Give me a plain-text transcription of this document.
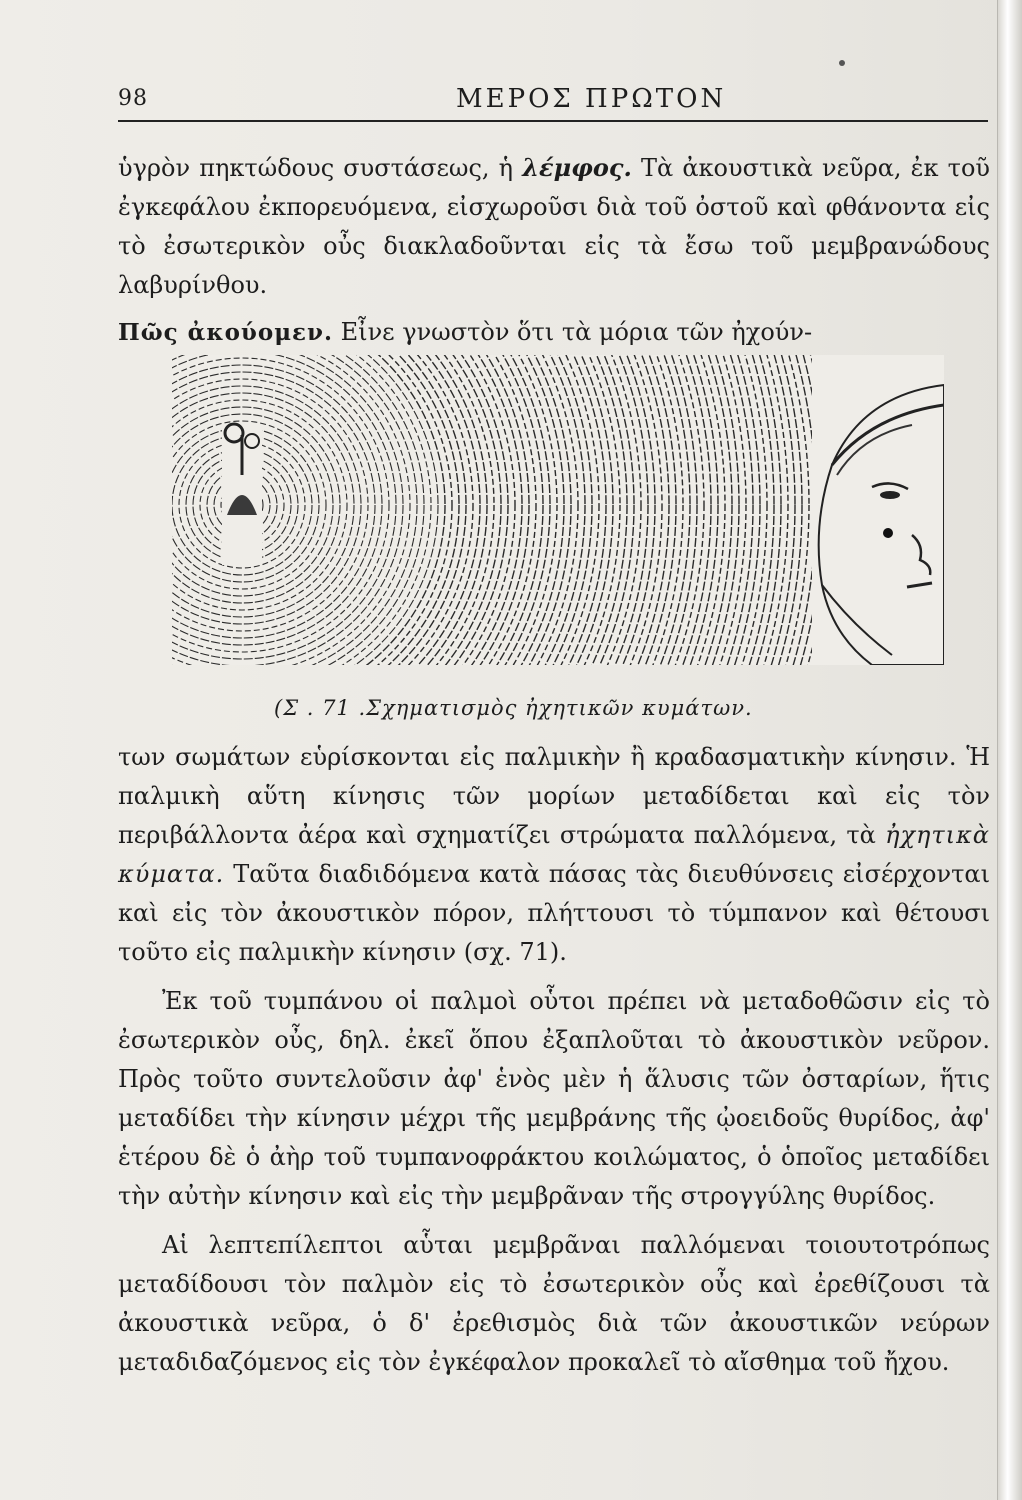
98	ΜΕΡΟΣ ΠΡΩΤΟΝ

ὑγρὸν πηκτώδους συστάσεως, ἡ λέμφος. Τὰ ἀκουστικὰ νεῦρα, ἐκ τοῦ ἐγκεφάλου ἐκπορευόμενα, εἰσχωροῦσι διὰ τοῦ ὀστοῦ καὶ φθάνοντα εἰς τὸ ἐσωτερικὸν οὖς διακλαδοῦνται εἰς τὰ ἔσω τοῦ μεμβρανώδους λαβυρίνθου.

Πῶς ἀκούομεν. Εἶνε γνωστὸν ὅτι τὰ μόρια τῶν ἠχούν-

(Σ . 71 .Σχηματισμὸς ἠχητικῶν κυμάτων.

των σωμάτων εὑρίσκονται εἰς παλμικὴν ἢ κραδασματικὴν κίνησιν. Ἡ παλμικὴ αὕτη κίνησις τῶν μορίων μεταδίδεται καὶ εἰς τὸν περιβάλλοντα ἀέρα καὶ σχηματίζει στρώματα παλλόμενα, τὰ ἠχητικὰ κύματα. Ταῦτα διαδιδόμενα κατὰ πάσας τὰς διευθύνσεις εἰσέρχονται καὶ εἰς τὸν ἀκουστικὸν πόρον, πλήττουσι τὸ τύμπανον καὶ θέτουσι τοῦτο εἰς παλμικὴν κίνησιν (σχ. 71).

Ἐκ τοῦ τυμπάνου οἱ παλμοὶ οὗτοι πρέπει νὰ μεταδοθῶσιν εἰς τὸ ἐσωτερικὸν οὖς, δηλ. ἐκεῖ ὅπου ἐξαπλοῦται τὸ ἀκουστικὸν νεῦρον. Πρὸς τοῦτο συντελοῦσιν ἀφ' ἑνὸς μὲν ἡ ἅλυσις τῶν ὀσταρίων, ἥτις μεταδίδει τὴν κίνησιν μέχρι τῆς μεμβράνης τῆς ᾠοειδοῦς θυρίδος, ἀφ' ἑτέρου δὲ ὁ ἀὴρ τοῦ τυμπανοφράκτου κοιλώματος, ὁ ὁποῖος μεταδίδει τὴν αὐτὴν κίνησιν καὶ εἰς τὴν μεμβρᾶναν τῆς στρογγύλης θυρίδος.

Αἱ λεπτεπίλεπτοι αὗται μεμβρᾶναι παλλόμεναι τοιουτοτρόπως μεταδίδουσι τὸν παλμὸν εἰς τὸ ἐσωτερικὸν οὖς καὶ ἐρεθίζουσι τὰ ἀκουστικὰ νεῦρα, ὁ δ' ἐρεθισμὸς διὰ τῶν ἀκουστικῶν νεύρων μεταδιδαζόμενος εἰς τὸν ἐγκέφαλον προκαλεῖ τὸ αἴσθημα τοῦ ἤχου.
